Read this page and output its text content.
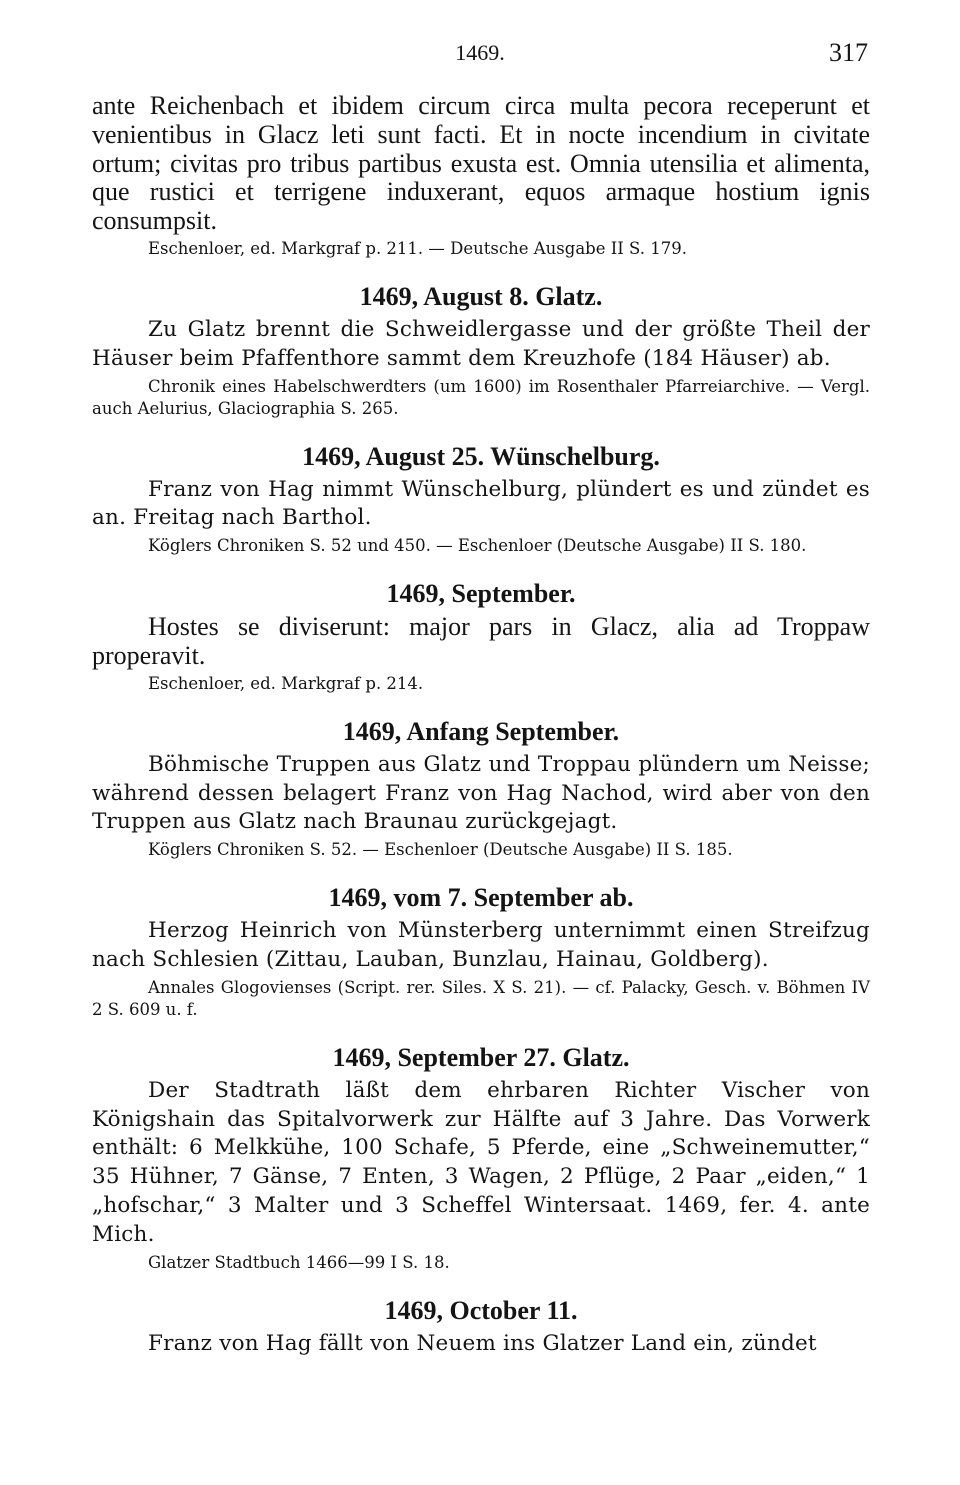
1469.	317

ante Reichenbach et ibidem circum circa multa pecora receperunt et venientibus in Glacz leti sunt facti. Et in nocte incendium in civitate ortum; civitas pro tribus partibus exusta est. Omnia utensilia et alimenta, que rustici et terrigene induxerant, equos armaque hostium ignis consumpsit.

Eschenloer, ed. Markgraf p. 211. — Deutsche Ausgabe II S. 179.

1469, August 8. Glatz.

Zu Glatz brennt die Schweidlergasse und der größte Theil der Häuser beim Pfaffenthore sammt dem Kreuzhofe (184 Häuser) ab.

Chronik eines Habelschwerdters (um 1600) im Rosenthaler Pfarreiarchive. — Vergl. auch Aelurius, Glaciographia S. 265.

1469, August 25. Wünschelburg.

Franz von Hag nimmt Wünschelburg, plündert es und zündet es an. Freitag nach Barthol.

Köglers Chroniken S. 52 und 450. — Eschenloer (Deutsche Ausgabe) II S. 180.

1469, September.

Hostes se diviserunt: major pars in Glacz, alia ad Troppaw properavit.

Eschenloer, ed. Markgraf p. 214.

1469, Anfang September.

Böhmische Truppen aus Glatz und Troppau plündern um Neisse; während dessen belagert Franz von Hag Nachod, wird aber von den Truppen aus Glatz nach Braunau zurückgejagt.

Köglers Chroniken S. 52. — Eschenloer (Deutsche Ausgabe) II S. 185.

1469, vom 7. September ab.

Herzog Heinrich von Münsterberg unternimmt einen Streifzug nach Schlesien (Zittau, Lauban, Bunzlau, Hainau, Goldberg).

Annales Glogovienses (Script. rer. Siles. X S. 21). — cf. Palacky, Gesch. v. Böhmen IV 2 S. 609 u. f.

1469, September 27. Glatz.

Der Stadtrath läßt dem ehrbaren Richter Vischer von Königshain das Spitalvorwerk zur Hälfte auf 3 Jahre. Das Vorwerk enthält: 6 Melkkühe, 100 Schafe, 5 Pferde, eine „Schweinemutter,“ 35 Hühner, 7 Gänse, 7 Enten, 3 Wagen, 2 Pflüge, 2 Paar „eiden,“ 1 „hofschar,“ 3 Malter und 3 Scheffel Wintersaat. 1469, fer. 4. ante Mich.

Glatzer Stadtbuch 1466—99 I S. 18.

1469, October 11.

Franz von Hag fällt von Neuem ins Glatzer Land ein, zündet
